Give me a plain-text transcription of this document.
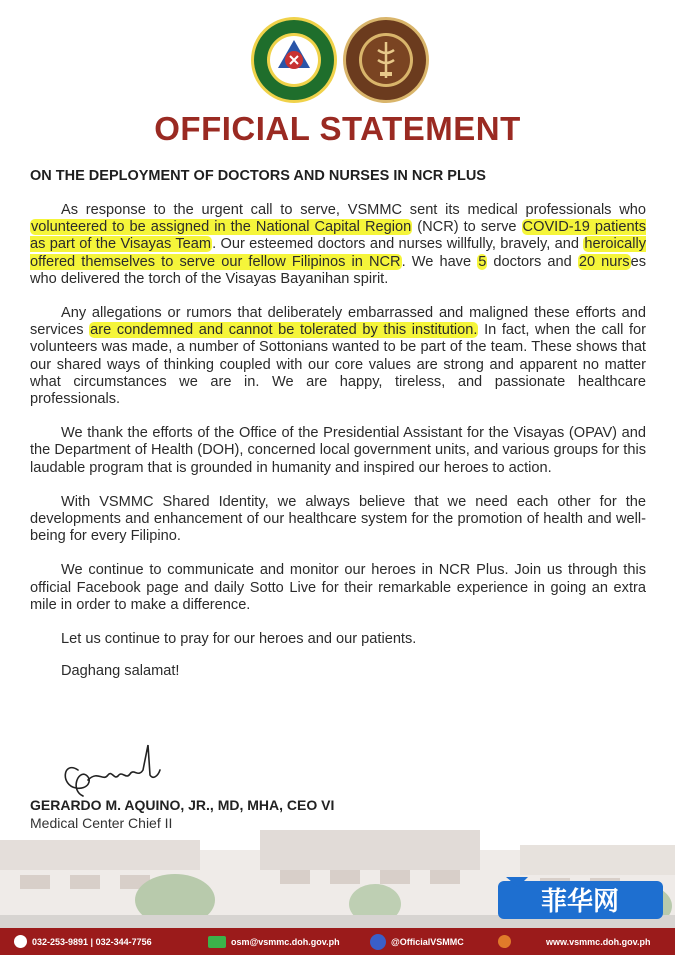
OFFICIAL STATEMENT
ON THE DEPLOYMENT OF DOCTORS AND NURSES IN NCR PLUS

As response to the urgent call to serve, VSMMC sent its medical professionals who volunteered to be assigned in the National Capital Region (NCR) to serve COVID-19 patients as part of the Visayas Team. Our esteemed doctors and nurses willfully, bravely, and heroically offered themselves to serve our fellow Filipinos in NCR. We have 5 doctors and 20 nurses who delivered the torch of the Visayas Bayanihan spirit.

Any allegations or rumors that deliberately embarrassed and maligned these efforts and services are condemned and cannot be tolerated by this institution. In fact, when the call for volunteers was made, a number of Sottonians wanted to be part of the team. These shows that our shared ways of thinking coupled with our core values are strong and apparent no matter what circumstances we are in. We are happy, tireless, and passionate healthcare professionals.

We thank the efforts of the Office of the Presidential Assistant for the Visayas (OPAV) and the Department of Health (DOH), concerned local government units, and various groups for this laudable program that is grounded in humanity and inspired our heroes to action.

With VSMMC Shared Identity, we always believe that we need each other for the developments and enhancement of our healthcare system for the promotion of health and well-being for every Filipino.

We continue to communicate and monitor our heroes in NCR Plus. Join us through this official Facebook page and daily Sotto Live for their remarkable experience in going an extra mile in order to make a difference.

Let us continue to pray for our heroes and our patients.

Daghang salamat!

GERARDO M. AQUINO, JR., MD, MHA, CEO VI
Medical Center Chief II
菲华网
032-253-9891 | 032-344-7756	osm@vsmmc.doh.gov.ph	@OfficialVSMMC	www.vsmmc.doh.gov.ph
